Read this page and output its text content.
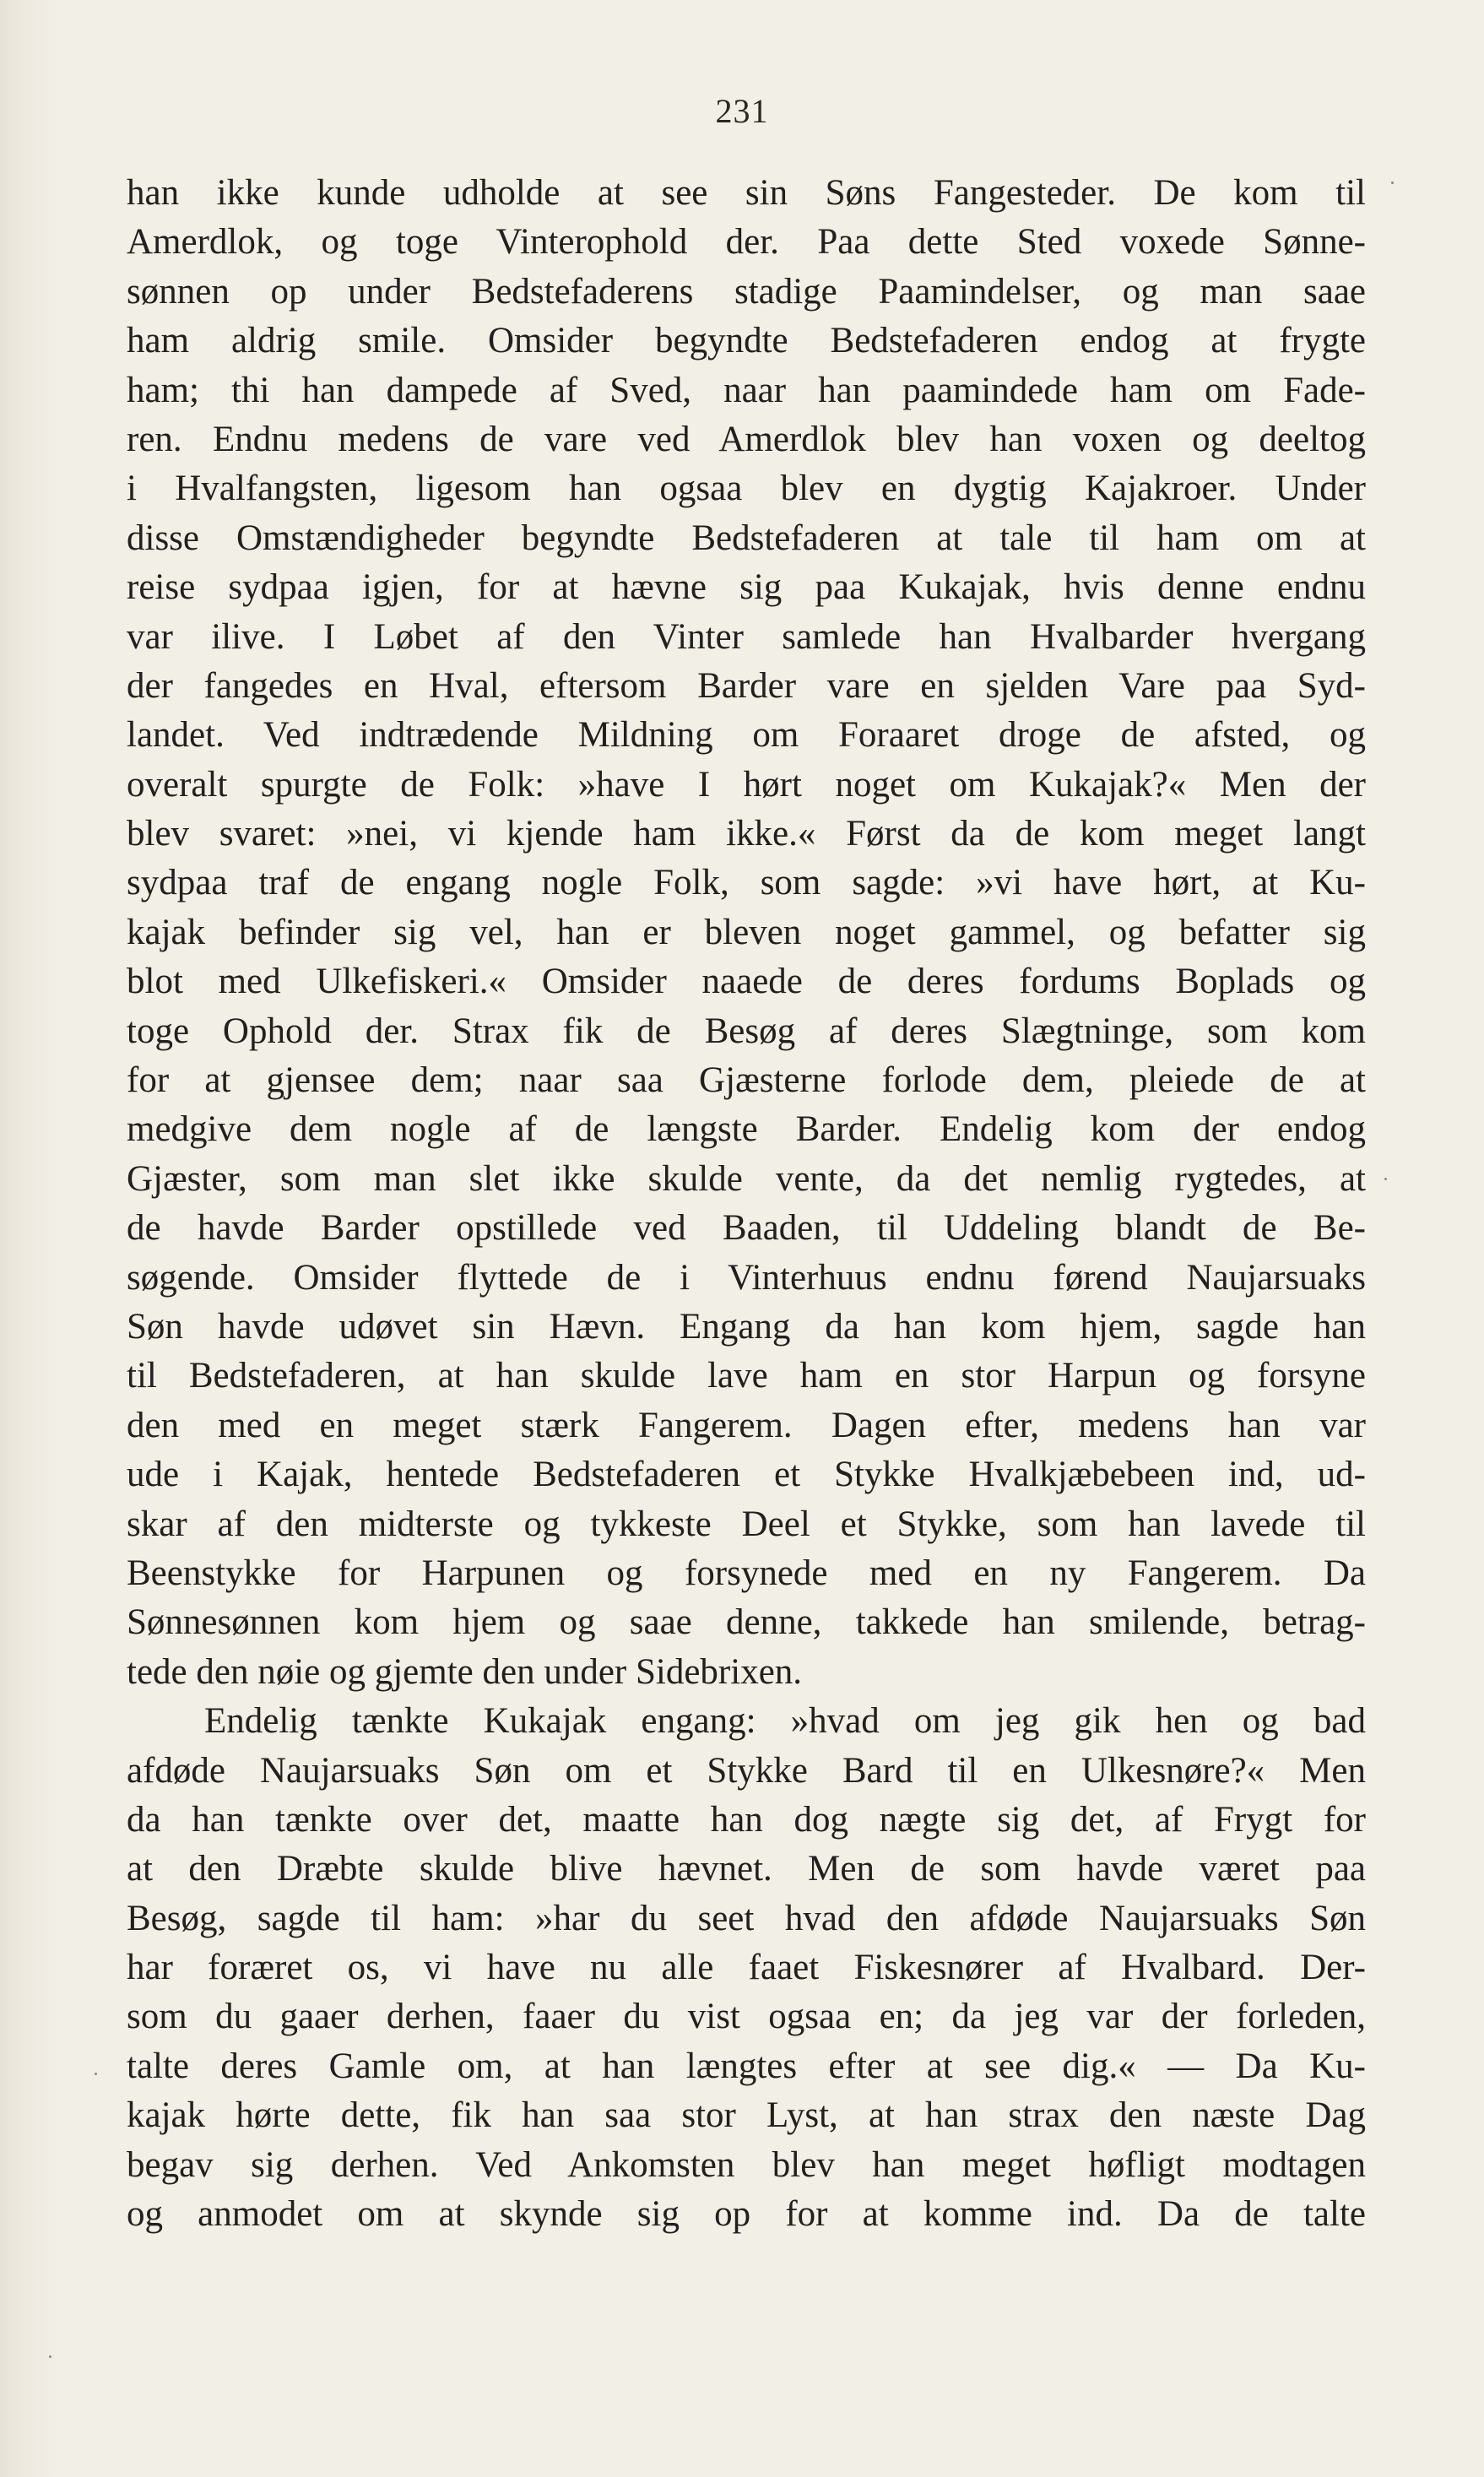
231
han ikke kunde udholde at see sin Søns Fangesteder. De kom til
Amerdlok, og toge Vinterophold der. Paa dette Sted voxede Sønne-
sønnen op under Bedstefaderens stadige Paamindelser, og man saae
ham aldrig smile. Omsider begyndte Bedstefaderen endog at frygte
ham; thi han dampede af Sved, naar han paamindede ham om Fade-
ren. Endnu medens de vare ved Amerdlok blev han voxen og deeltog
i Hvalfangsten, ligesom han ogsaa blev en dygtig Kajakroer. Under
disse Omstændigheder begyndte Bedstefaderen at tale til ham om at
reise sydpaa igjen, for at hævne sig paa Kukajak, hvis denne endnu
var ilive. I Løbet af den Vinter samlede han Hvalbarder hvergang
der fangedes en Hval, eftersom Barder vare en sjelden Vare paa Syd-
landet. Ved indtrædende Mildning om Foraaret droge de afsted, og
overalt spurgte de Folk: »have I hørt noget om Kukajak?« Men der
blev svaret: »nei, vi kjende ham ikke.« Først da de kom meget langt
sydpaa traf de engang nogle Folk, som sagde: »vi have hørt, at Ku-
kajak befinder sig vel, han er bleven noget gammel, og befatter sig
blot med Ulkefiskeri.« Omsider naaede de deres fordums Boplads og
toge Ophold der. Strax fik de Besøg af deres Slægtninge, som kom
for at gjensee dem; naar saa Gjæsterne forlode dem, pleiede de at
medgive dem nogle af de længste Barder. Endelig kom der endog
Gjæster, som man slet ikke skulde vente, da det nemlig rygtedes, at
de havde Barder opstillede ved Baaden, til Uddeling blandt de Be-
søgende. Omsider flyttede de i Vinterhuus endnu førend Naujarsuaks
Søn havde udøvet sin Hævn. Engang da han kom hjem, sagde han
til Bedstefaderen, at han skulde lave ham en stor Harpun og forsyne
den med en meget stærk Fangerem. Dagen efter, medens han var
ude i Kajak, hentede Bedstefaderen et Stykke Hvalkjæbebeen ind, ud-
skar af den midterste og tykkeste Deel et Stykke, som han lavede til
Beenstykke for Harpunen og forsynede med en ny Fangerem. Da
Sønnesønnen kom hjem og saae denne, takkede han smilende, betrag-
tede den nøie og gjemte den under Sidebrixen.
Endelig tænkte Kukajak engang: »hvad om jeg gik hen og bad
afdøde Naujarsuaks Søn om et Stykke Bard til en Ulkesnøre?« Men
da han tænkte over det, maatte han dog nægte sig det, af Frygt for
at den Dræbte skulde blive hævnet. Men de som havde været paa
Besøg, sagde til ham: »har du seet hvad den afdøde Naujarsuaks Søn
har foræret os, vi have nu alle faaet Fiskesnører af Hvalbard. Der-
som du gaaer derhen, faaer du vist ogsaa en; da jeg var der forleden,
talte deres Gamle om, at han længtes efter at see dig.« — Da Ku-
kajak hørte dette, fik han saa stor Lyst, at han strax den næste Dag
begav sig derhen. Ved Ankomsten blev han meget høfligt modtagen
og anmodet om at skynde sig op for at komme ind. Da de talte
